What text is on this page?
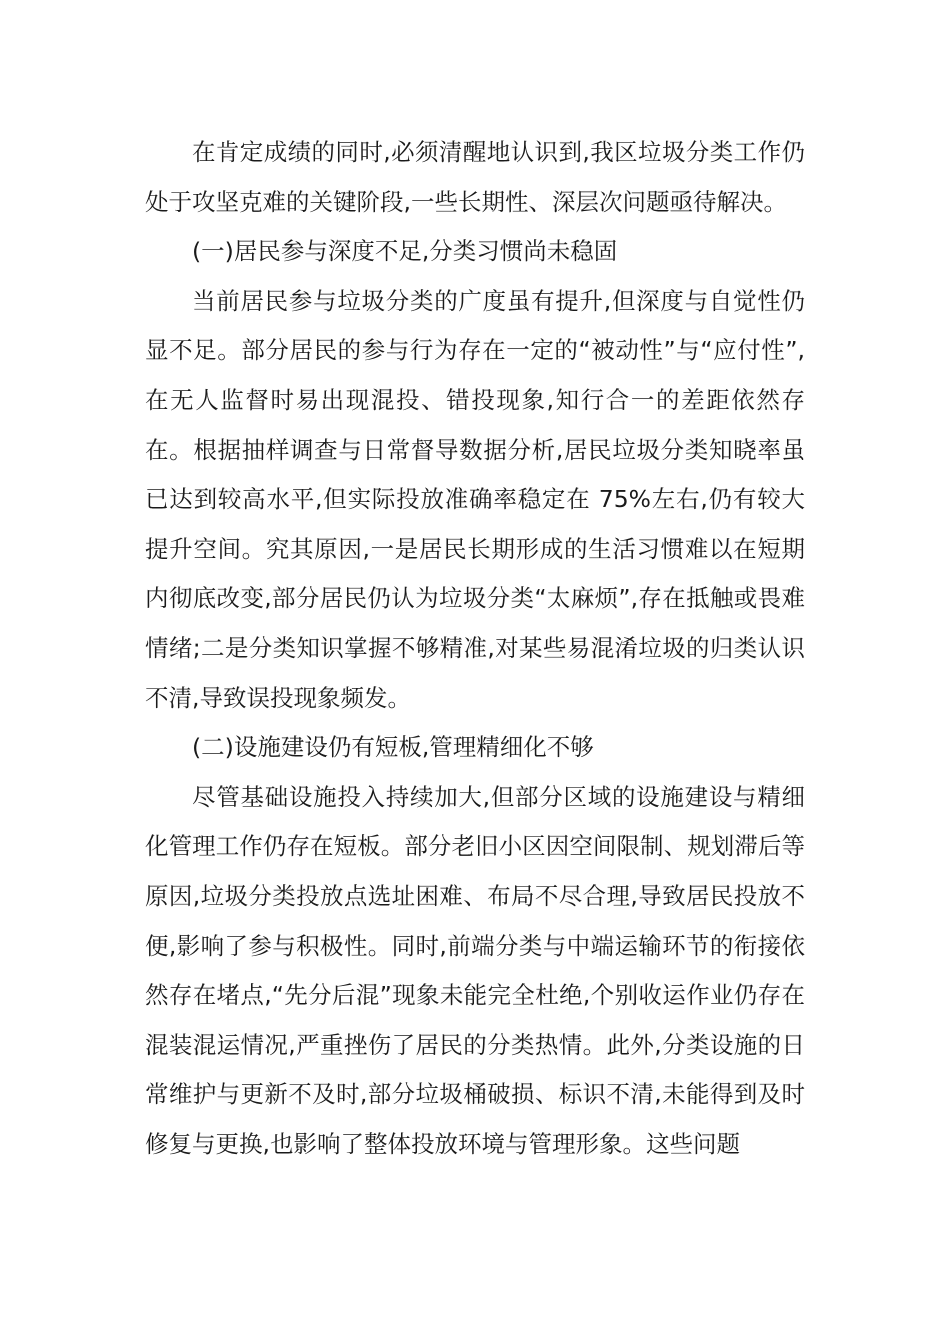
在肯定成绩的同时,必须清醒地认识到,我区垃圾分类工作仍处于攻坚克难的关键阶段,一些长期性、深层次问题亟待解决。

(一)居民参与深度不足,分类习惯尚未稳固

当前居民参与垃圾分类的广度虽有提升,但深度与自觉性仍显不足。部分居民的参与行为存在一定的“被动性”与“应付性”,在无人监督时易出现混投、错投现象,知行合一的差距依然存在。根据抽样调查与日常督导数据分析,居民垃圾分类知晓率虽已达到较高水平,但实际投放准确率稳定在 75%左右,仍有较大提升空间。究其原因,一是居民长期形成的生活习惯难以在短期内彻底改变,部分居民仍认为垃圾分类“太麻烦”,存在抵触或畏难情绪;二是分类知识掌握不够精准,对某些易混淆垃圾的归类认识不清,导致误投现象频发。

(二)设施建设仍有短板,管理精细化不够

尽管基础设施投入持续加大,但部分区域的设施建设与精细化管理工作仍存在短板。部分老旧小区因空间限制、规划滞后等原因,垃圾分类投放点选址困难、布局不尽合理,导致居民投放不便,影响了参与积极性。同时,前端分类与中端运输环节的衔接依然存在堵点,“先分后混”现象未能完全杜绝,个别收运作业仍存在混装混运情况,严重挫伤了居民的分类热情。此外,分类设施的日常维护与更新不及时,部分垃圾桶破损、标识不清,未能得到及时修复与更换,也影响了整体投放环境与管理形象。这些问题
